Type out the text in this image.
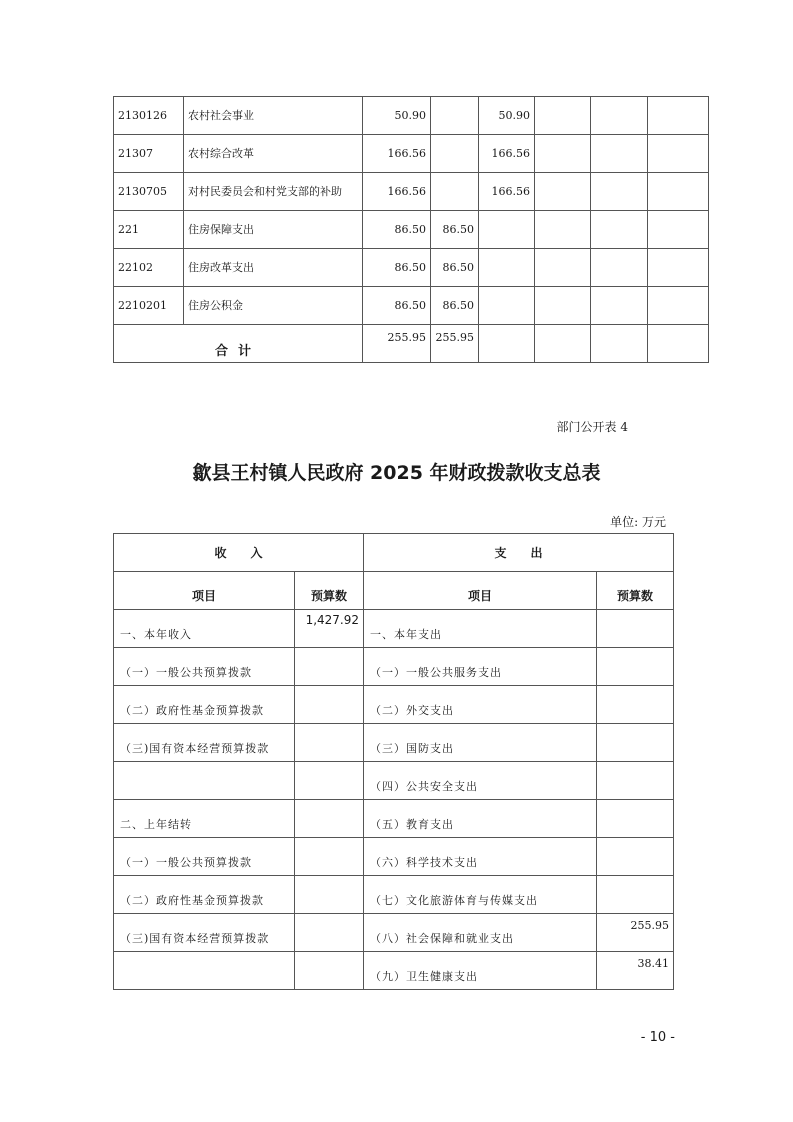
2130126	农村社会事业	50.90		50.90			
21307	农村综合改革	166.56		166.56			
2130705	对村民委员会和村党支部的补助	166.56		166.56			
221	住房保障支出	86.50	86.50				
22102	住房改革支出	86.50	86.50				
2210201	住房公积金	86.50	86.50				
合计		255.95	255.95				
部门公开表 4
歙县王村镇人民政府 2025 年财政拨款收支总表
单位: 万元
收　　入		支　　出	
项目	预算数	项目	预算数
一、本年收入	1,427.92	一、本年支出	
（一）一般公共预算拨款		（一）一般公共服务支出	
（二）政府性基金预算拨款		（二）外交支出	
（三)国有资本经营预算拨款		（三）国防支出	
		（四）公共安全支出	
二、上年结转		（五）教育支出	
（一）一般公共预算拨款		（六）科学技术支出	
（二）政府性基金预算拨款		（七）文化旅游体育与传媒支出	
（三)国有资本经营预算拨款		（八）社会保障和就业支出	255.95
		（九）卫生健康支出	38.41
- 10 -
